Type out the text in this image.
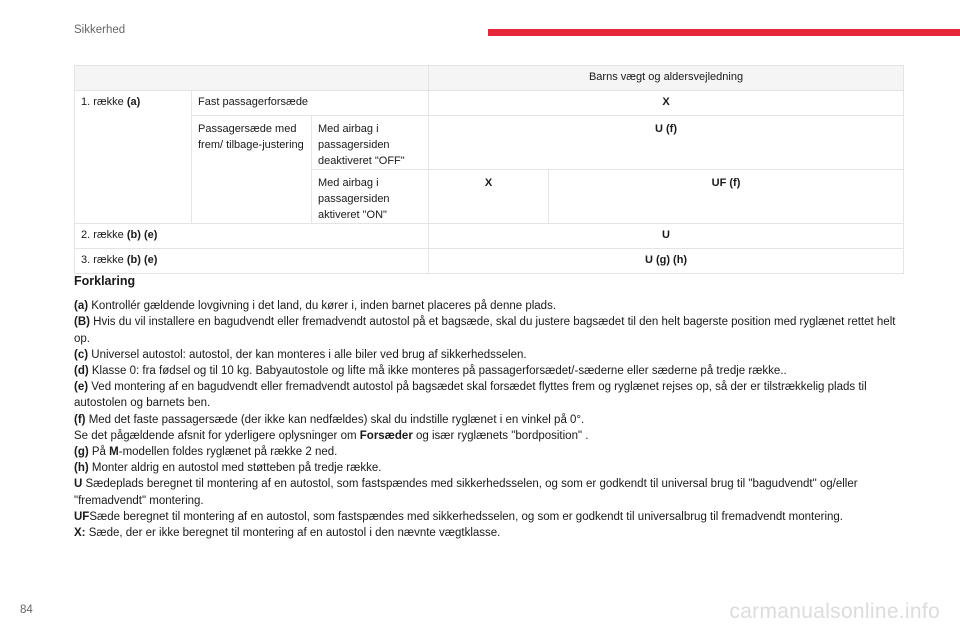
Sikkerhed
			Barns vægt og aldersvejledning	
1. række (a)	Fast passagerforsæde		X	
	Passagersæde med frem/ tilbage-justering	Med airbag i passagersiden deaktiveret "OFF"	U (f)	
		Med airbag i passagersiden aktiveret "ON"	X	UF (f)
2. række (b) (e)			U	
3. række (b) (e)			U (g) (h)	
Forklaring

(a) Kontrollér gældende lovgivning i det land, du kører i, inden barnet placeres på denne plads.

(B) Hvis du vil installere en bagudvendt eller fremadvendt autostol på et bagsæde, skal du justere bagsædet til den helt bagerste position med ryglænet rettet helt op.

(c) Universel autostol: autostol, der kan monteres i alle biler ved brug af sikkerhedsselen.

(d) Klasse 0: fra fødsel og til 10 kg. Babyautostole og lifte må ikke monteres på passagerforsædet/-sæderne eller sæderne på tredje række..

(e) Ved montering af en bagudvendt eller fremadvendt autostol på bagsædet skal forsædet flyttes frem og ryglænet rejses op, så der er tilstrækkelig plads til autostolen og barnets ben.

(f) Med det faste passagersæde (der ikke kan nedfældes) skal du indstille ryglænet i en vinkel på 0°.

Se det pågældende afsnit for yderligere oplysninger om Forsæder og især ryglænets "bordposition" .

(g) På M-modellen foldes ryglænet på række 2 ned.

(h) Monter aldrig en autostol med støtteben på tredje række.

U Sædeplads beregnet til montering af en autostol, som fastspændes med sikkerhedsselen, og som er godkendt til universal brug til "bagudvendt" og/eller "fremadvendt" montering.

UFSæde beregnet til montering af en autostol, som fastspændes med sikkerhedsselen, og som er godkendt til universalbrug til fremadvendt montering.

X: Sæde, der er ikke beregnet til montering af en autostol i den nævnte vægtklasse.

84	carmanualsonline.info
